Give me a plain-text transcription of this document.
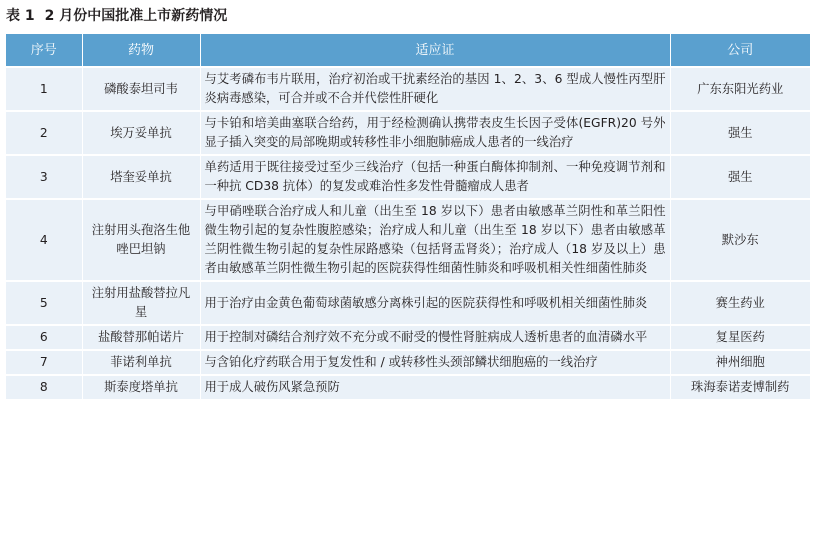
表 1 2 月份中国批准上市新药情况
序号	药物	适应证	公司
1	磷酸泰坦司韦	与艾考磷布韦片联用，治疗初治或干扰素经治的基因 1、2、3、6 型成人慢性丙型肝炎病毒感染，可合并或不合并代偿性肝硬化	广东东阳光药业
2	埃万妥单抗	与卡铂和培美曲塞联合给药，用于经检测确认携带表皮生长因子受体(EGFR)20 号外显子插入突变的局部晚期或转移性非小细胞肺癌成人患者的一线治疗	强生
3	塔奎妥单抗	单药适用于既往接受过至少三线治疗（包括一种蛋白酶体抑制剂、一种免疫调节剂和一种抗 CD38 抗体）的复发或难治性多发性骨髓瘤成人患者	强生
4	注射用头孢洛生他唑巴坦钠	与甲硝唑联合治疗成人和儿童（出生至 18 岁以下）患者由敏感革兰阴性和革兰阳性微生物引起的复杂性腹腔感染；治疗成人和儿童（出生至 18 岁以下）患者由敏感革兰阴性微生物引起的复杂性尿路感染（包括肾盂肾炎）；治疗成人（18 岁及以上）患者由敏感革兰阴性微生物引起的医院获得性细菌性肺炎和呼吸机相关性细菌性肺炎	默沙东
5	注射用盐酸替拉凡星	用于治疗由金黄色葡萄球菌敏感分离株引起的医院获得性和呼吸机相关细菌性肺炎	赛生药业
6	盐酸替那帕诺片	用于控制对磷结合剂疗效不充分或不耐受的慢性肾脏病成人透析患者的血清磷水平	复星医药
7	菲诺利单抗	与含铂化疗药联合用于复发性和 / 或转移性头颈部鳞状细胞癌的一线治疗	神州细胞
8	斯泰度塔单抗	用于成人破伤风紧急预防	珠海泰诺麦博制药
